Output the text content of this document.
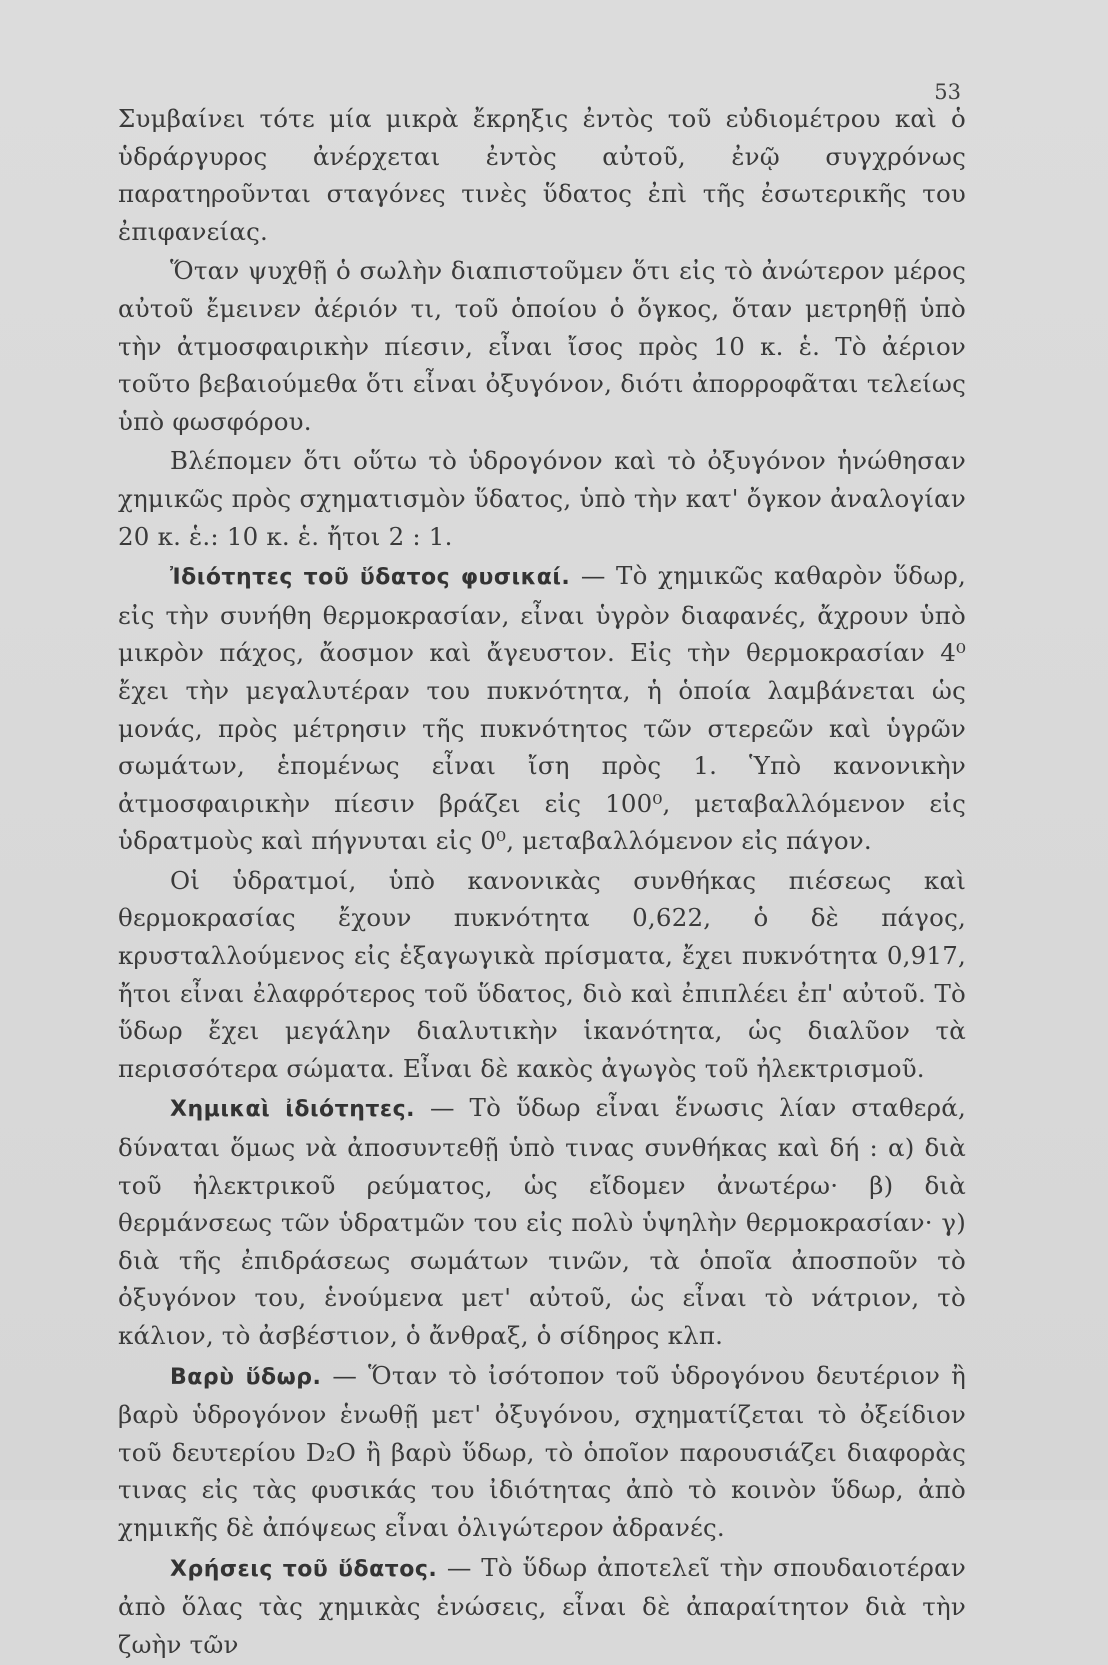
53

Συμβαίνει τότε μία μικρὰ ἔκρηξις ἐντὸς τοῦ εὐδιομέτρου καὶ ὁ ὑδράργυρος ἀνέρχεται ἐντὸς αὐτοῦ, ἐνῷ συγχρόνως παρατηροῦνται σταγόνες τινὲς ὕδατος ἐπὶ τῆς ἐσωτερικῆς του ἐπιφανείας.

Ὅταν ψυχθῇ ὁ σωλὴν διαπιστοῦμεν ὅτι εἰς τὸ ἀνώτερον μέρος αὐτοῦ ἔμεινεν ἀέριόν τι, τοῦ ὁποίου ὁ ὄγκος, ὅταν μετρηθῇ ὑπὸ τὴν ἀτμοσφαιρικὴν πίεσιν, εἶναι ἴσος πρὸς 10 κ. ἑ. Τὸ ἀέριον τοῦτο βεβαιούμεθα ὅτι εἶναι ὀξυγόνον, διότι ἀπορροφᾶται τελείως ὑπὸ φωσφόρου.

Βλέπομεν ὅτι οὕτω τὸ ὑδρογόνον καὶ τὸ ὀξυγόνον ἡνώθησαν χημικῶς πρὸς σχηματισμὸν ὕδατος, ὑπὸ τὴν κατ' ὄγκον ἀναλογίαν 20 κ. ἑ.: 10 κ. ἑ. ἤτοι 2 : 1.

Ἰδιότητες τοῦ ὕδατος φυσικαί. — Τὸ χημικῶς καθαρὸν ὕδωρ, εἰς τὴν συνήθη θερμοκρασίαν, εἶναι ὑγρὸν διαφανές, ἄχρουν ὑπὸ μικρὸν πάχος, ἄοσμον καὶ ἄγευστον. Εἰς τὴν θερμοκρασίαν 4⁰ ἔχει τὴν μεγαλυτέραν του πυκνότητα, ἡ ὁποία λαμβάνεται ὡς μονάς, πρὸς μέτρησιν τῆς πυκνότητος τῶν στερεῶν καὶ ὑγρῶν σωμάτων, ἑπομένως εἶναι ἴση πρὸς 1. Ὑπὸ κανονικὴν ἀτμοσφαιρικὴν πίεσιν βράζει εἰς 100⁰, μεταβαλλόμενον εἰς ὑδρατμοὺς καὶ πήγνυται εἰς 0⁰, μεταβαλλόμενον εἰς πάγον.

Οἱ ὑδρατμοί, ὑπὸ κανονικὰς συνθήκας πιέσεως καὶ θερμοκρασίας ἔχουν πυκνότητα 0,622, ὁ δὲ πάγος, κρυσταλλούμενος εἰς ἑξαγωγικὰ πρίσματα, ἔχει πυκνότητα 0,917, ἤτοι εἶναι ἐλαφρότερος τοῦ ὕδατος, διὸ καὶ ἐπιπλέει ἐπ' αὐτοῦ. Τὸ ὕδωρ ἔχει μεγάλην διαλυτικὴν ἱκανότητα, ὡς διαλῦον τὰ περισσότερα σώματα. Εἶναι δὲ κακὸς ἀγωγὸς τοῦ ἠλεκτρισμοῦ.

Χημικαὶ ἰδιότητες. — Τὸ ὕδωρ εἶναι ἕνωσις λίαν σταθερά, δύναται ὅμως νὰ ἀποσυντεθῇ ὑπὸ τινας συνθήκας καὶ δή : α) διὰ τοῦ ἠλεκτρικοῦ ρεύματος, ὡς εἴδομεν ἀνωτέρω· β) διὰ θερμάνσεως τῶν ὑδρατμῶν του εἰς πολὺ ὑψηλὴν θερμοκρασίαν· γ) διὰ τῆς ἐπιδράσεως σωμάτων τινῶν, τὰ ὁποῖα ἀποσποῦν τὸ ὀξυγόνον του, ἑνούμενα μετ' αὐτοῦ, ὡς εἶναι τὸ νάτριον, τὸ κάλιον, τὸ ἀσβέστιον, ὁ ἄνθραξ, ὁ σίδηρος κλπ.

Βαρὺ ὕδωρ. — Ὅταν τὸ ἰσότοπον τοῦ ὑδρογόνου δευτέριον ἢ βαρὺ ὑδρογόνον ἑνωθῇ μετ' ὀξυγόνου, σχηματίζεται τὸ ὀξείδιον τοῦ δευτερίου D₂O ἢ βαρὺ ὕδωρ, τὸ ὁποῖον παρουσιάζει διαφορὰς τινας εἰς τὰς φυσικάς του ἰδιότητας ἀπὸ τὸ κοινὸν ὕδωρ, ἀπὸ χημικῆς δὲ ἀπόψεως εἶναι ὀλιγώτερον ἀδρανές.

Χρήσεις τοῦ ὕδατος. — Τὸ ὕδωρ ἀποτελεῖ τὴν σπουδαιοτέραν ἀπὸ ὅλας τὰς χημικὰς ἑνώσεις, εἶναι δὲ ἀπαραίτητον διὰ τὴν ζωὴν τῶν
